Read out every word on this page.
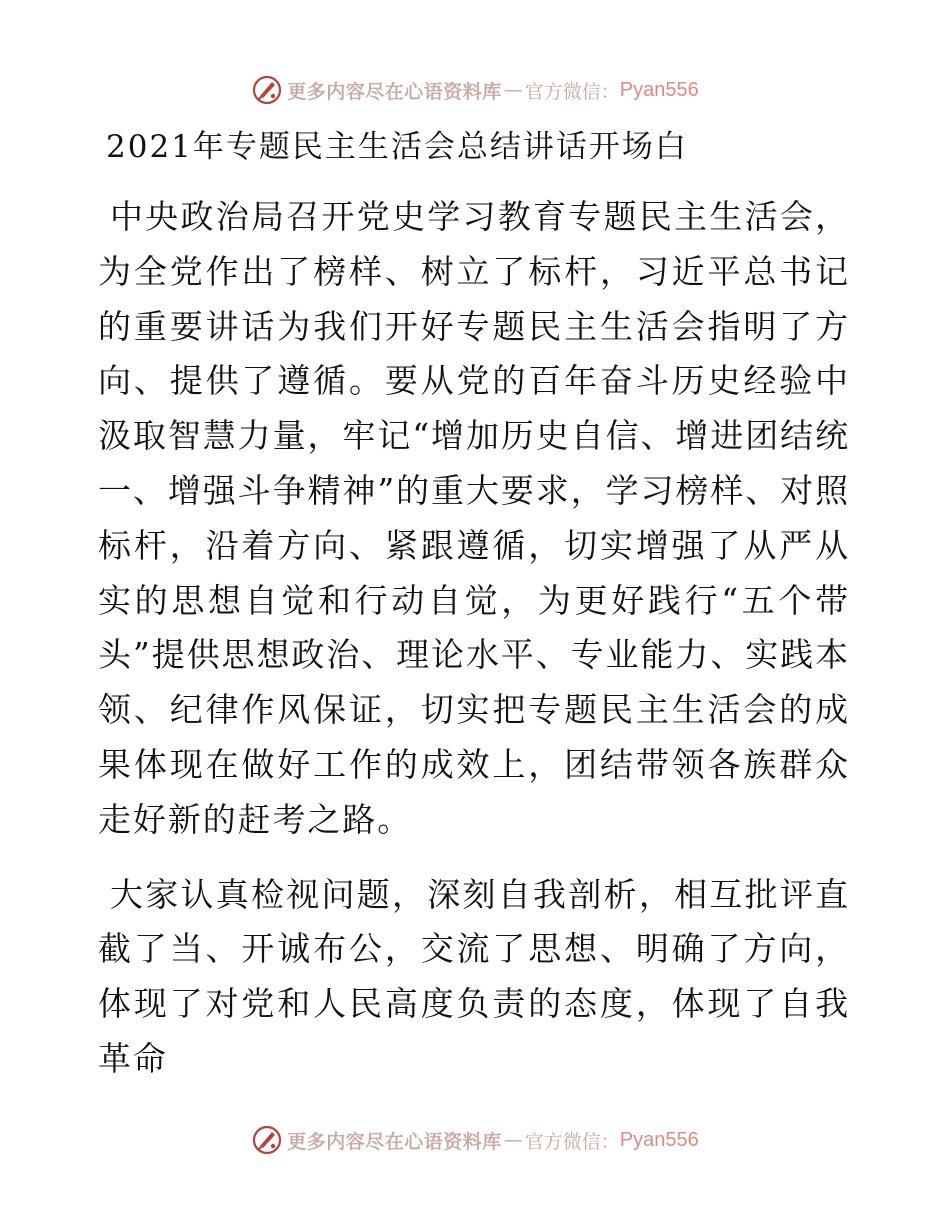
更多内容尽在心语资料库 — 官方微信： Pyan556
2021年专题民主生活会总结讲话开场白

中央政治局召开党史学习教育专题民主生活会，为全党作出了榜样、树立了标杆，习近平总书记的重要讲话为我们开好专题民主生活会指明了方向、提供了遵循。要从党的百年奋斗历史经验中汲取智慧力量，牢记“增加历史自信、增进团结统一、增强斗争精神”的重大要求，学习榜样、对照标杆，沿着方向、紧跟遵循，切实增强了从严从实的思想自觉和行动自觉，为更好践行“五个带头”提供思想政治、理论水平、专业能力、实践本领、纪律作风保证，切实把专题民主生活会的成果体现在做好工作的成效上，团结带领各族群众走好新的赶考之路。

大家认真检视问题，深刻自我剖析，相互批评直截了当、开诚布公，交流了思想、明确了方向，体现了对党和人民高度负责的态度，体现了自我革命

更多内容尽在心语资料库 — 官方微信： Pyan556
